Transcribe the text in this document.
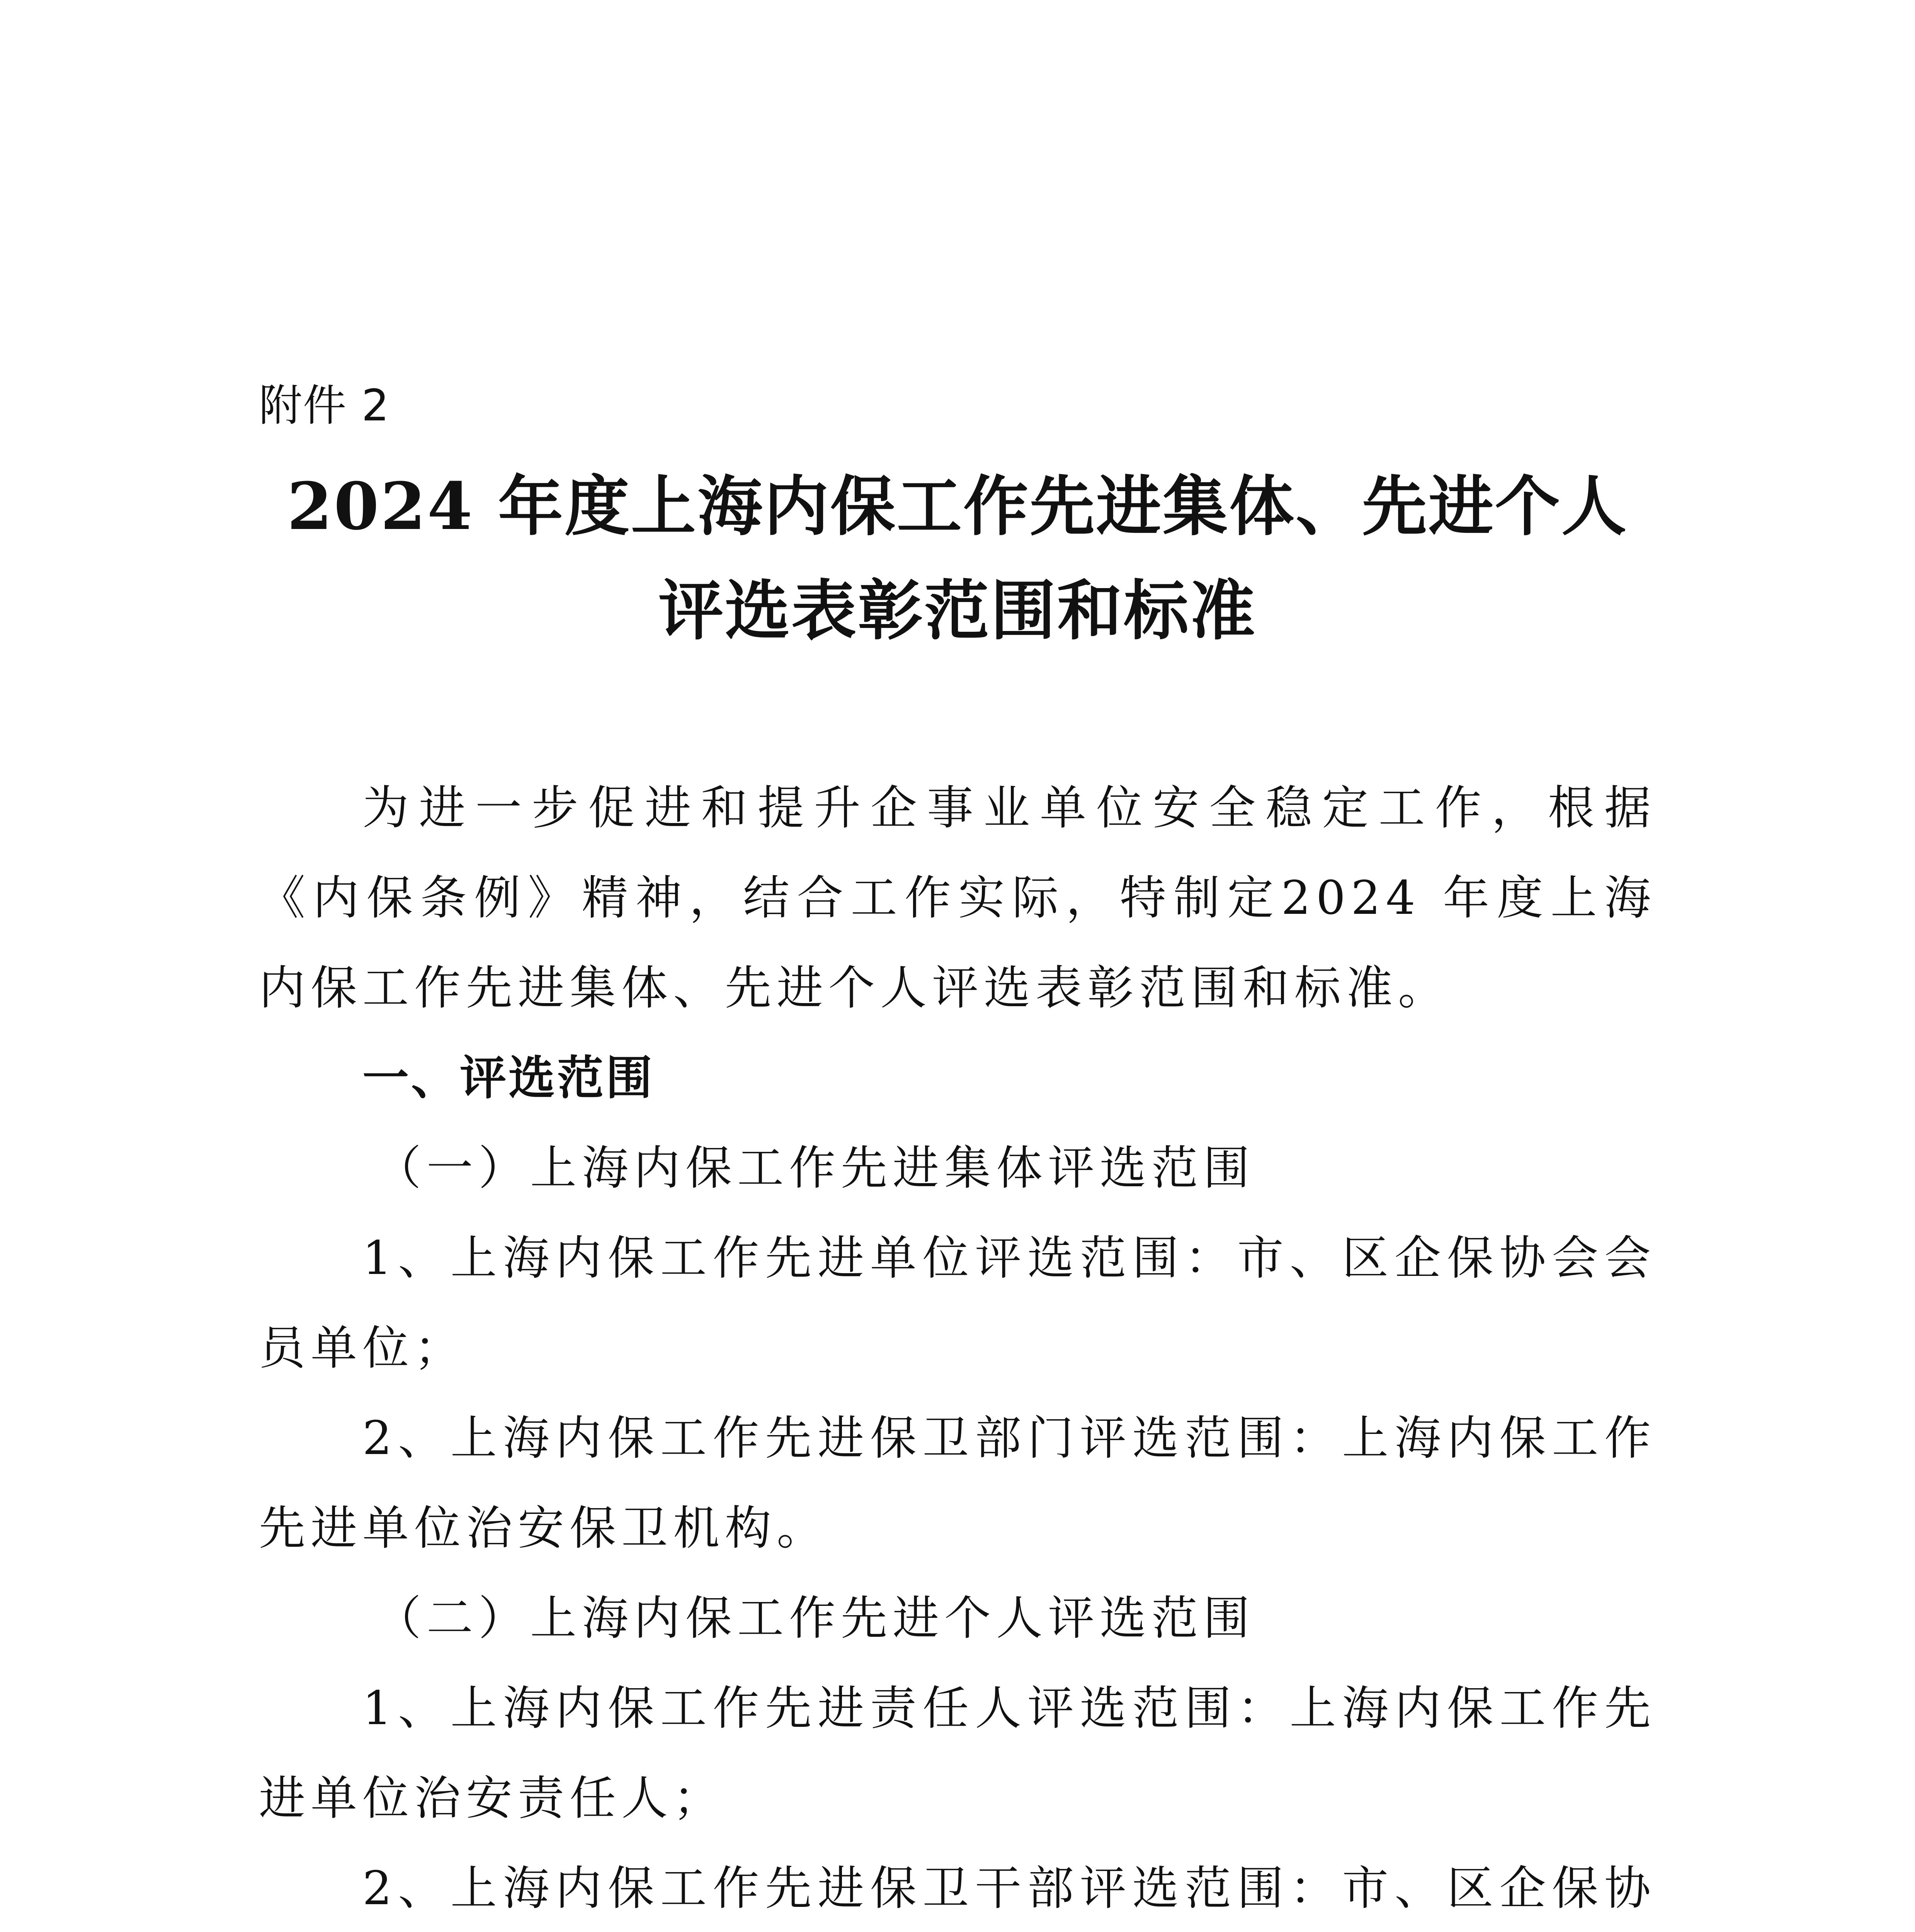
附件 2
2024 年度上海内保工作先进集体、先进个人
评选表彰范围和标准

为进一步促进和提升企事业单位安全稳定工作，根据《内保条例》精神，结合工作实际，特制定2024 年度上海内保工作先进集体、先进个人评选表彰范围和标准。

一、评选范围

（一）上海内保工作先进集体评选范围

1、上海内保工作先进单位评选范围：市、区企保协会会员单位；

2、上海内保工作先进保卫部门评选范围：上海内保工作先进单位治安保卫机构。

（二）上海内保工作先进个人评选范围

1、上海内保工作先进责任人评选范围：上海内保工作先进单位治安责任人；

2、上海内保工作先进保卫干部评选范围：市、区企保协
